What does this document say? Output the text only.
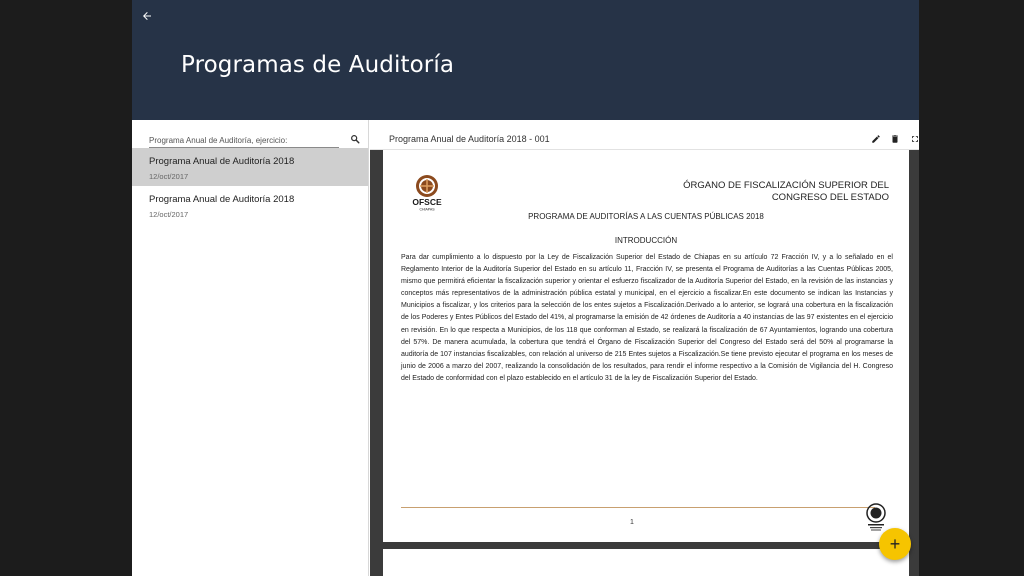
Programas de Auditoría
Programa Anual de Auditoría, ejercicio:
Programa Anual de Auditoría 2018
12/oct/2017
Programa Anual de Auditoría 2018
12/oct/2017
Programa Anual de Auditoría 2018 - 001
OFSCE
CHIAPAS
ÓRGANO DE FISCALIZACIÓN SUPERIOR DEL CONGRESO DEL ESTADO
PROGRAMA DE AUDITORÍAS A LAS CUENTAS PÚBLICAS 2018
INTRODUCCIÓN
Para dar cumplimiento a lo dispuesto por la Ley de Fiscalización Superior del Estado de Chiapas en su artículo 72 Fracción IV, y a lo señalado en el Reglamento Interior de la Auditoría Superior del Estado en su artículo 11, Fracción IV, se presenta el Programa de Auditorías a las Cuentas Públicas 2005, mismo que permitirá eficientar la fiscalización superior y orientar el esfuerzo fiscalizador de la Auditoría Superior del Estado, en la revisión de las instancias y conceptos más representativos de la administración pública estatal y municipal, en el ejercicio a fiscalizar.En este documento se indican las Instancias y Municipios a fiscalizar, y los criterios para la selección de los entes sujetos a Fiscalización.Derivado a lo anterior, se logrará una cobertura en la fiscalización de los Poderes y Entes Públicos del Estado del 41%, al programarse la emisión de 42 órdenes de Auditoría a 40 instancias de las 97 existentes en el ejercicio en revisión. En lo que respecta a Municipios, de los 118 que conforman al Estado, se realizará la fiscalización de 67 Ayuntamientos, logrando una cobertura del 57%. De manera acumulada, la cobertura que tendrá el Órgano de Fiscalización Superior del Congreso del Estado será del 50% al programarse la auditoría de 107 instancias fiscalizables, con relación al universo de 215 Entes sujetos a Fiscalización.Se tiene previsto ejecutar el programa en los meses de junio de 2006 a marzo del 2007, realizando la consolidación de los resultados, para rendir el informe respectivo a la Comisión de Vigilancia del H. Congreso del Estado de conformidad con el plazo establecido en el artículo 31 de la ley de Fiscalización Superior del Estado.
1
+
